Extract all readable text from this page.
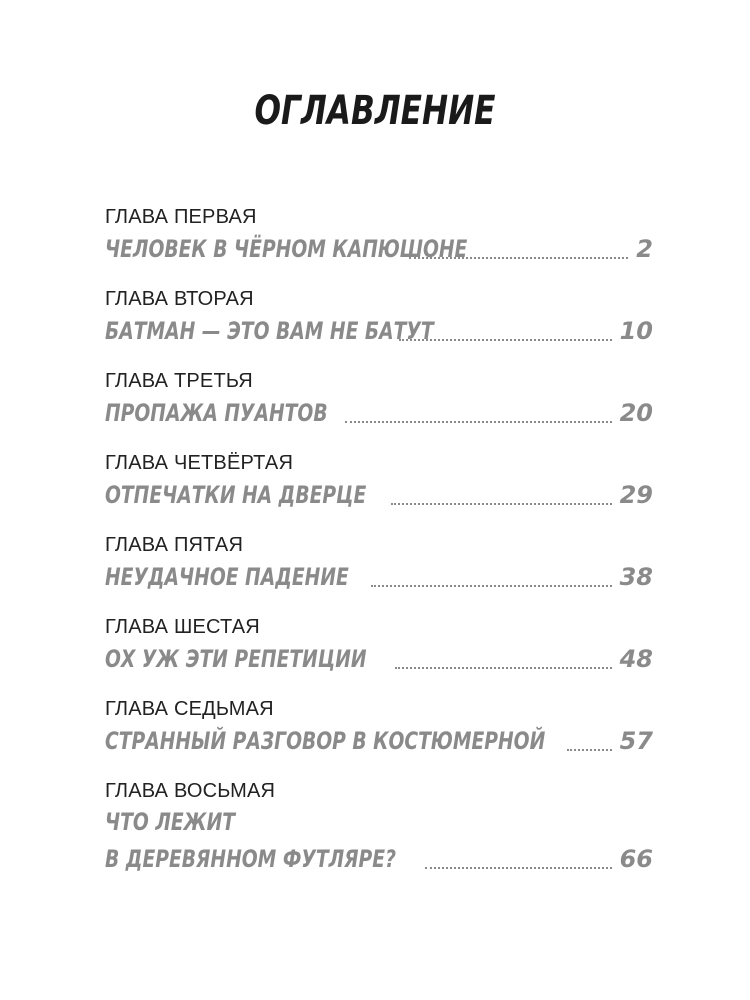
ОГЛАВЛЕНИЕ
ГЛАВА ПЕРВАЯ
ЧЕЛОВЕК В ЧЁРНОМ КАПЮШОНЕ	2
ГЛАВА ВТОРАЯ
БАТМАН — ЭТО ВАМ НЕ БАТУТ	10
ГЛАВА ТРЕТЬЯ
ПРОПАЖА ПУАНТОВ	20
ГЛАВА ЧЕТВЁРТАЯ
ОТПЕЧАТКИ НА ДВЕРЦЕ	29
ГЛАВА ПЯТАЯ
НЕУДАЧНОЕ ПАДЕНИЕ	38
ГЛАВА ШЕСТАЯ
ОХ УЖ ЭТИ РЕПЕТИЦИИ	48
ГЛАВА СЕДЬМАЯ
СТРАННЫЙ РАЗГОВОР В КОСТЮМЕРНОЙ	57
ГЛАВА ВОСЬМАЯ
ЧТО ЛЕЖИТ
В ДЕРЕВЯННОМ ФУТЛЯРЕ?	66
